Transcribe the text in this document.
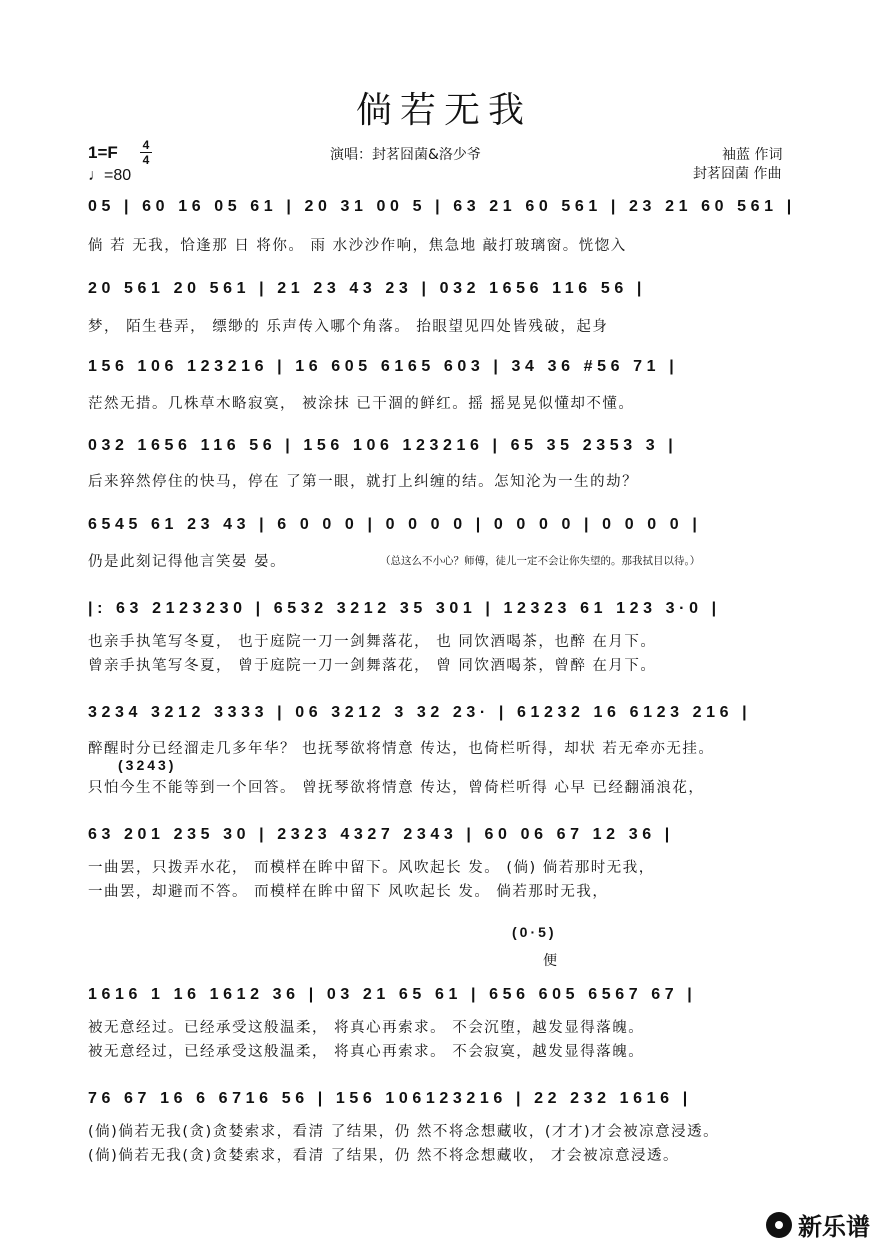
倘若无我
1=F 4
4
♩=80
演唱：封茗囧菌&洛少爷	袖蓝 作词
封茗囧菌 作曲
05 | 60 16 05 61 | 20 31 00 5 | 63 21 60 561 | 23 21 60 561 |
倘 若 无我，恰逢那 日 将你。 雨 水沙沙作响，焦急地 敲打玻璃窗。恍惚入
20 561 20 561 | 21 23 43 23 | 032 1656 116 56 |
梦， 陌生巷弄， 缥缈的 乐声传入哪个角落。 抬眼望见四处皆残破，起身
156 106 123216 | 16 605 6165 603 | 34 36 #56 71 |
茫然无措。几株草木略寂寞， 被涂抹 已干涸的鲜红。摇 摇晃晃似懂却不懂。
032 1656 116 56 | 156 106 123216 | 65 35 2353 3 |
后来猝然停住的快马，停在 了第一眼，就打上纠缠的结。怎知沦为一生的劫？
6545 61 23 43 | 6 0 0 0 | 0 0 0 0 | 0 0 0 0 | 0 0 0 0 |
仍是此刻记得他言笑晏 晏。	（总这么不小心？师傅，徒儿一定不会让你失望的。那我拭目以待。）
|: 63 2123230 | 6532 3212 35 301 | 12323 61 123 3·0 |
也亲手执笔写冬夏， 也于庭院一刀一剑舞落花， 也 同饮酒喝茶，也醉 在月下。
曾亲手执笔写冬夏， 曾于庭院一刀一剑舞落花， 曾 同饮酒喝茶，曾醉 在月下。
3234 3212 3333 | 06 3212 3 32 23· | 61232 16 6123 216 |
醉醒时分已经溜走几多年华？ 也抚琴欲将情意 传达，也倚栏听得，却状 若无牵亦无挂。
(3243)
只怕今生不能等到一个回答。 曾抚琴欲将情意 传达，曾倚栏听得 心早 已经翻涌浪花，
63 201 235 30 | 2323 4327 2343 | 60 06 67 12 36 |
一曲罢，只拨弄水花， 而模样在眸中留下。风吹起长 发。 (倘) 倘若那时无我，
一曲罢，却避而不答。 而模样在眸中留下 风吹起长 发。 倘若那时无我，
(0·5)
便
1616 1 16 1612 36 | 03 21 65 61 | 656 605 6567 67 |
被无意经过。已经承受这般温柔， 将真心再索求。 不会沉堕，越发显得落魄。
被无意经过，已经承受这般温柔， 将真心再索求。 不会寂寞，越发显得落魄。
76 67 16 6 6716 56 | 156 106123216 | 22 232 1616 |
(倘)倘若无我(贪)贪婪索求，看清 了结果，仍 然不将念想藏收，(才才)才会被凉意浸透。
(倘)倘若无我(贪)贪婪索求，看清 了结果，仍 然不将念想藏收， 才会被凉意浸透。
新乐谱
